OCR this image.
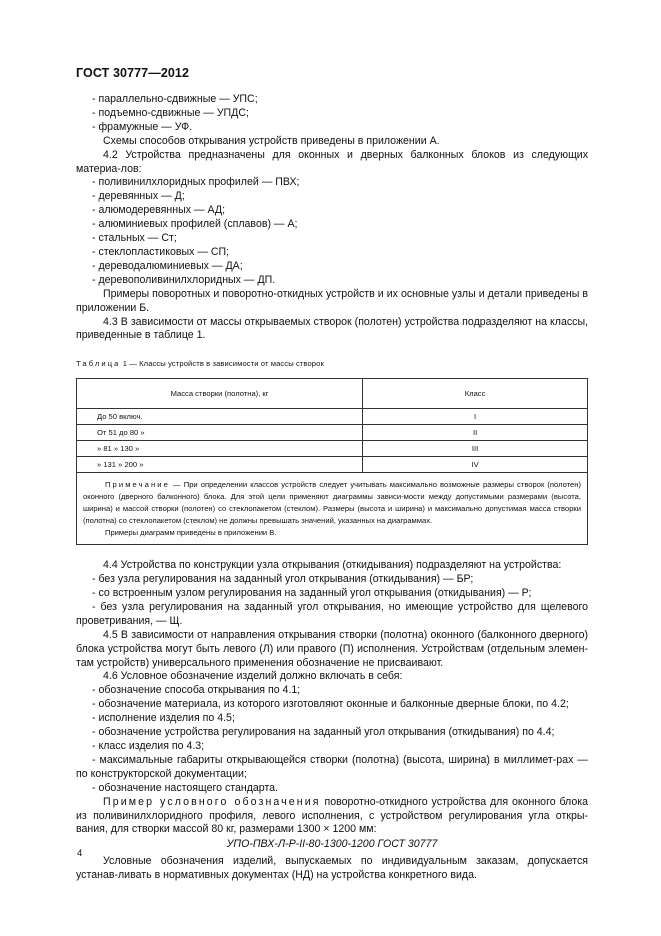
ГОСТ 30777—2012

- параллельно-сдвижные — УПС;

- подъемно-сдвижные — УПДС;

- фрамужные — УФ.

Схемы способов открывания устройств приведены в приложении А.

4.2 Устройства предназначены для оконных и дверных балконных блоков из следующих материа-лов:

- поливинилхлоридных профилей — ПВХ;

- деревянных — Д;

- алюмодеревянных — АД;

- алюминиевых профилей (сплавов) — А;

- стальных — Ст;

- стеклопластиковых — СП;

- дереводалюминиевых — ДА;

- деревополивинилхлоридных — ДП.

Примеры поворотных и поворотно-откидных устройств и их основные узлы и детали приведены в приложении Б.

4.3 В зависимости от массы открываемых створок (полотен) устройства подразделяют на классы, приведенные в таблице 1.

Таблица 1 — Классы устройств в зависимости от массы створок
Масса створки (полотна), кг	Класс
До 50 включ.	I
От 51 до 80 »	II
» 81 » 130 »	III
» 131 » 200 »	IV
Примечание — При определении классов устройств следует учитывать максимально возможные размеры створок (полотен) оконного (дверного балконного) блока. Для этой цели применяют диаграммы зависи-мости между допустимыми размерами (высота, ширина) и массой створки (полотен) со стеклопакетом (стеклом). Размеры (высота и ширина) и максимально допустимая масса створки (полотна) со стеклопакетом (стеклом) не должны превышать значений, указанных на диаграммах.
Примеры диаграмм приведены в приложении В.	

4.4 Устройства по конструкции узла открывания (откидывания) подразделяют на устройства:

- без узла регулирования на заданный угол открывания (откидывания) — БР;

- со встроенным узлом регулирования на заданный угол открывания (откидывания) — Р;

- без узла регулирования на заданный угол открывания, но имеющие устройство для щелевого проветривания, — Щ.

4.5 В зависимости от направления открывания створки (полотна) оконного (балконного дверного) блока устройства могут быть левого (Л) или правого (П) исполнения. Устройствам (отдельным элемен-там устройств) универсального применения обозначение не присваивают.

4.6 Условное обозначение изделий должно включать в себя:

- обозначение способа открывания по 4.1;

- обозначение материала, из которого изготовляют оконные и балконные дверные блоки, по 4.2;

- исполнение изделия по 4.5;

- обозначение устройства регулирования на заданный угол открывания (откидывания) по 4.4;

- класс изделия по 4.3;

- максимальные габариты открывающейся створки (полотна) (высота, ширина) в миллимет-рах — по конструкторской документации;

- обозначение настоящего стандарта.

Пример условного обозначения поворотно-откидного устройства для оконного блока из поливинилхлоридного профиля, левого исполнения, с устройством регулирования угла откры-вания, для створки массой 80 кг, размерами 1300 × 1200 мм:

УПО-ПВХ-Л-Р-II-80-1300-1200 ГОСТ 30777

Условные обозначения изделий, выпускаемых по индивидуальным заказам, допускается устанав-ливать в нормативных документах (НД) на устройства конкретного вида.

4
